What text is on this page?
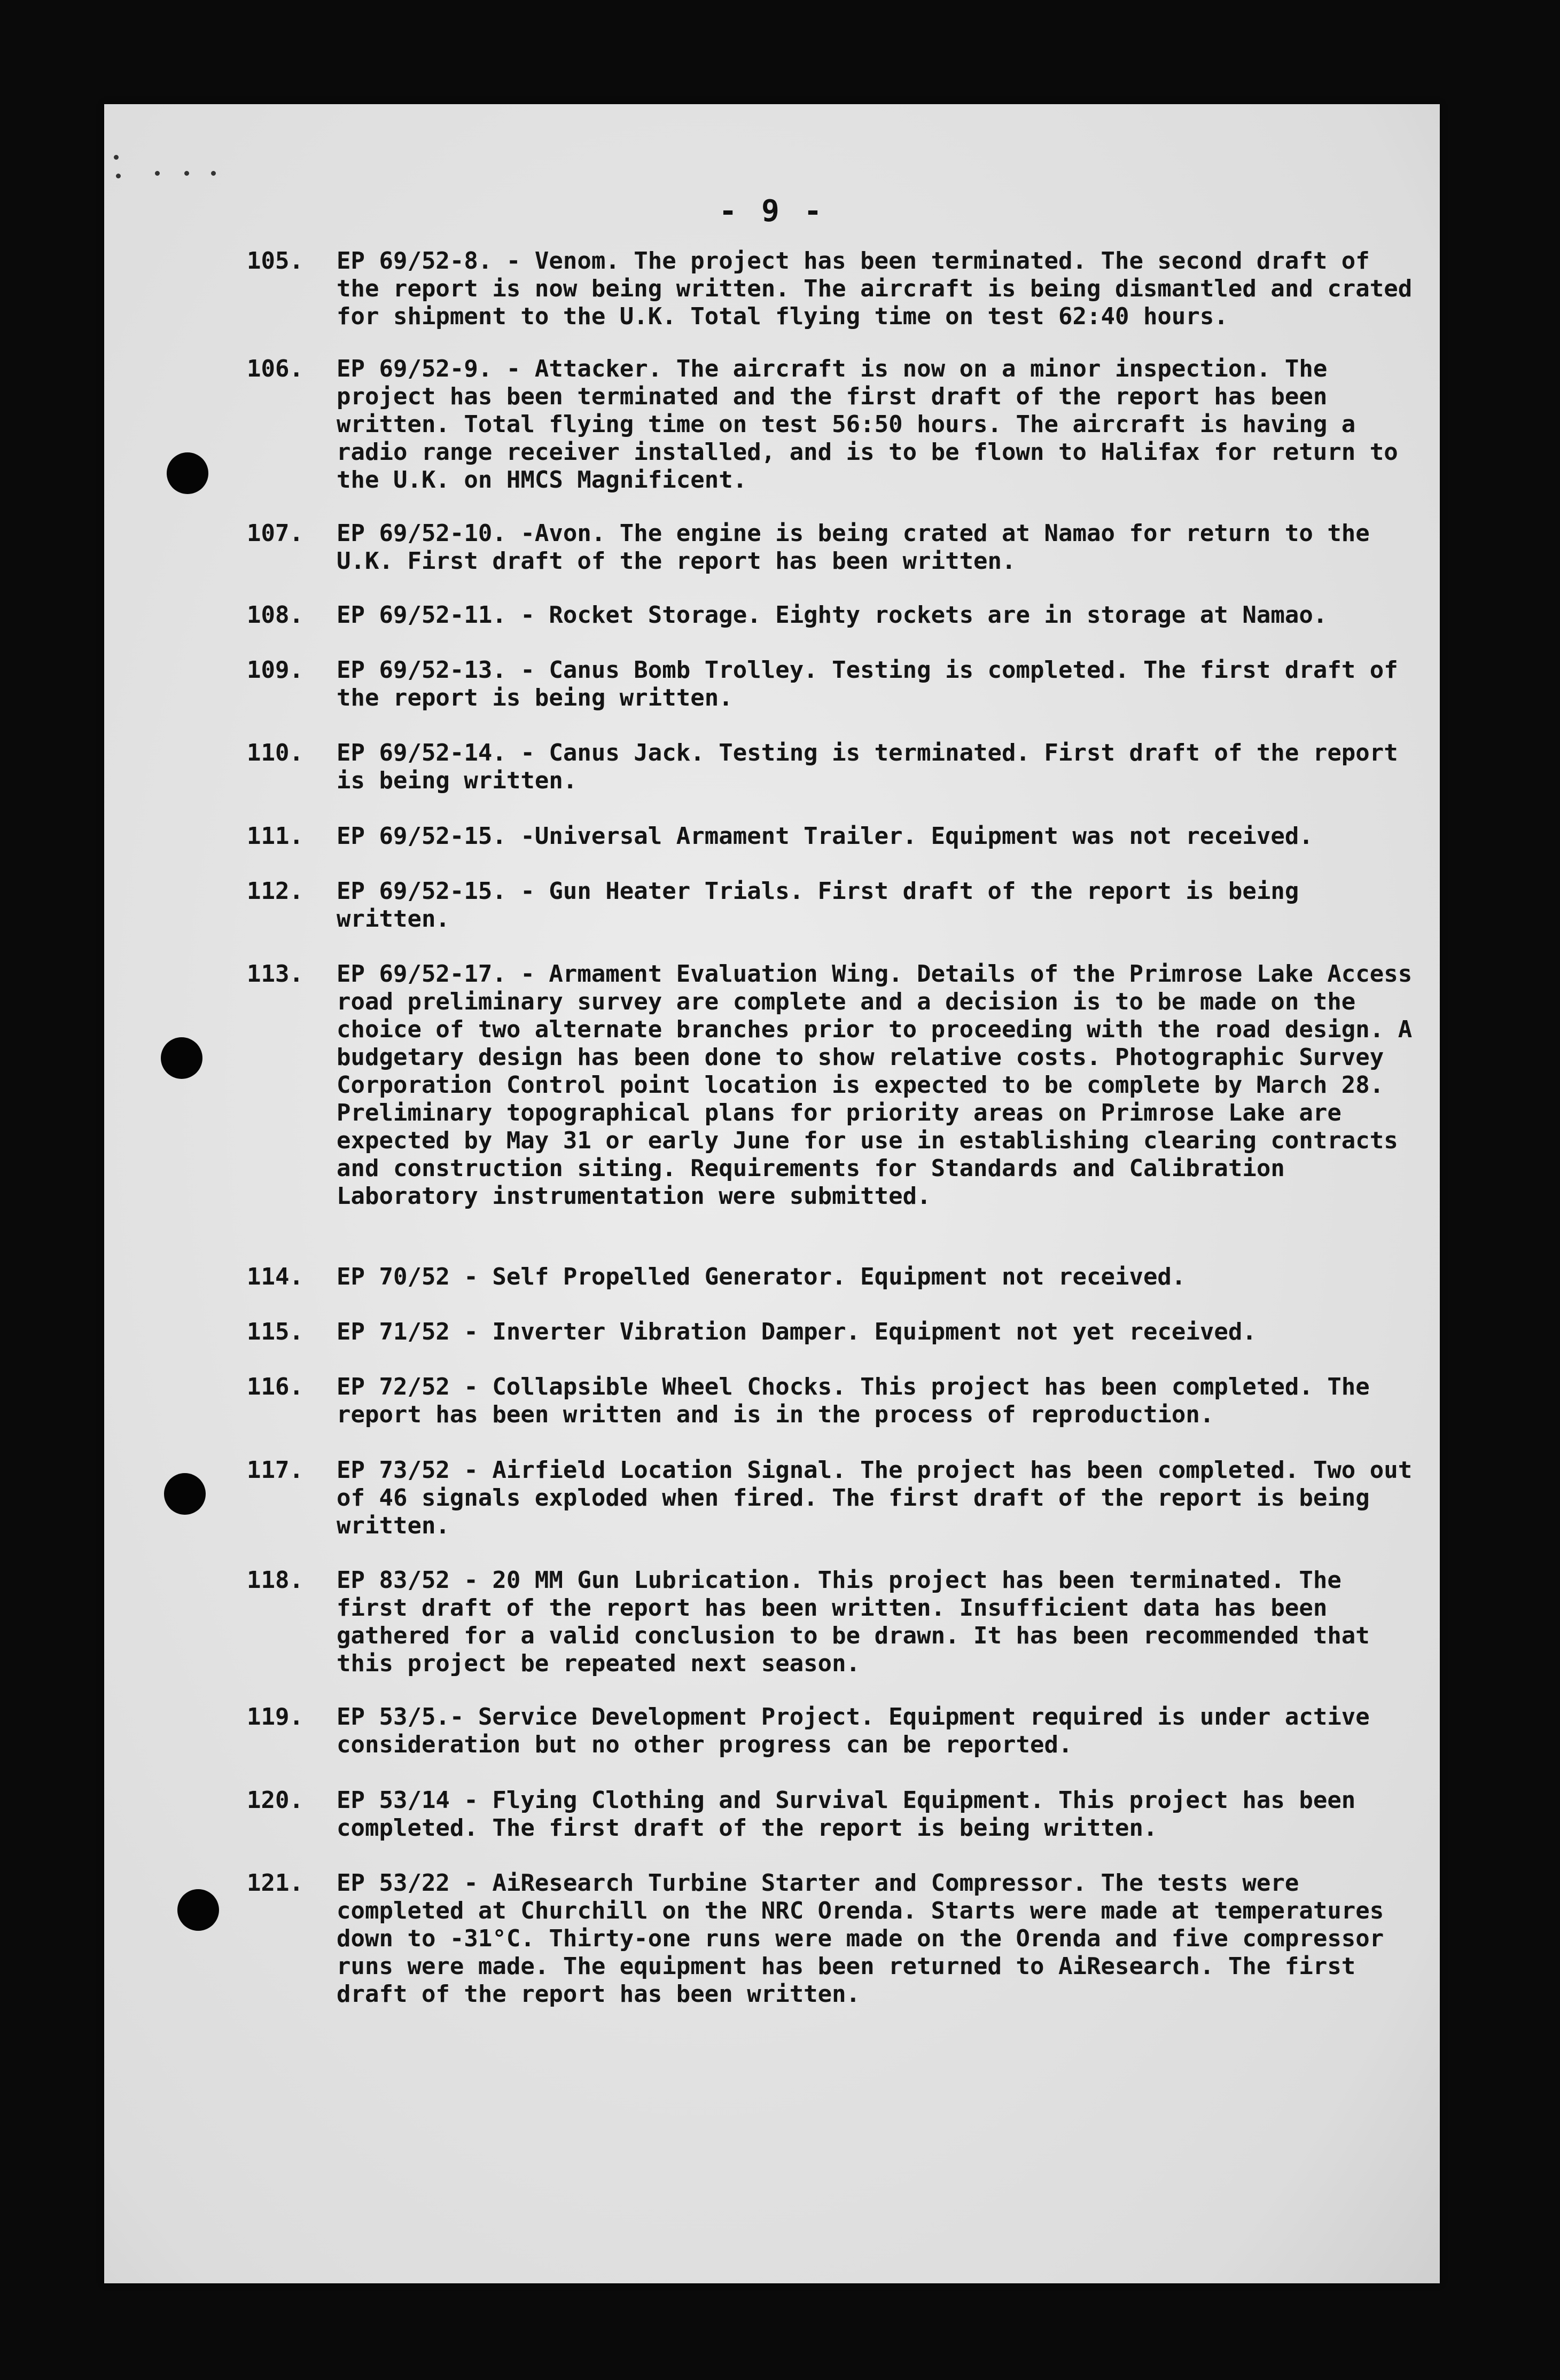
- 9 -
105.	EP 69/52-8. - Venom. The project has been terminated. The second draft of the report is now being written. The aircraft is being dismantled and crated for shipment to the U.K. Total flying time on test 62:40 hours.
106.	EP 69/52-9. - Attacker. The aircraft is now on a minor inspection. The project has been terminated and the first draft of the report has been written. Total flying time on test 56:50 hours. The aircraft is having a radio range receiver installed, and is to be flown to Halifax for return to the U.K. on HMCS Magnificent.
107.	EP 69/52-10. -Avon. The engine is being crated at Namao for return to the U.K. First draft of the report has been written.
108.	EP 69/52-11. - Rocket Storage. Eighty rockets are in storage at Namao.
109.	EP 69/52-13. - Canus Bomb Trolley. Testing is completed. The first draft of the report is being written.
110.	EP 69/52-14. - Canus Jack. Testing is terminated. First draft of the report is being written.
111.	EP 69/52-15. -Universal Armament Trailer. Equipment was not received.
112.	EP 69/52-15. - Gun Heater Trials. First draft of the report is being written.
113.	EP 69/52-17. - Armament Evaluation Wing. Details of the Primrose Lake Access road preliminary survey are complete and a decision is to be made on the choice of two alternate branches prior to proceeding with the road design. A budgetary design has been done to show relative costs. Photographic Survey Corporation Control point location is expected to be complete by March 28. Preliminary topographical plans for priority areas on Primrose Lake are expected by May 31 or early June for use in establishing clearing contracts and construction siting. Requirements for Standards and Calibration Laboratory instrumentation were submitted.
114.	EP 70/52 - Self Propelled Generator. Equipment not received.
115.	EP 71/52 - Inverter Vibration Damper. Equipment not yet received.
116.	EP 72/52 - Collapsible Wheel Chocks. This project has been completed. The report has been written and is in the process of reproduction.
117.	EP 73/52 - Airfield Location Signal. The project has been completed. Two out of 46 signals exploded when fired. The first draft of the report is being written.
118.	EP 83/52 - 20 MM Gun Lubrication. This project has been terminated. The first draft of the report has been written. Insufficient data has been gathered for a valid conclusion to be drawn. It has been recommended that this project be repeated next season.
119.	EP 53/5.- Service Development Project. Equipment required is under active consideration but no other progress can be reported.
120.	EP 53/14 - Flying Clothing and Survival Equipment. This project has been completed. The first draft of the report is being written.
121.	EP 53/22 - AiResearch Turbine Starter and Compressor. The tests were completed at Churchill on the NRC Orenda. Starts were made at temperatures down to -31°C. Thirty-one runs were made on the Orenda and five compressor runs were made. The equipment has been returned to AiResearch. The first draft of the report has been written.
